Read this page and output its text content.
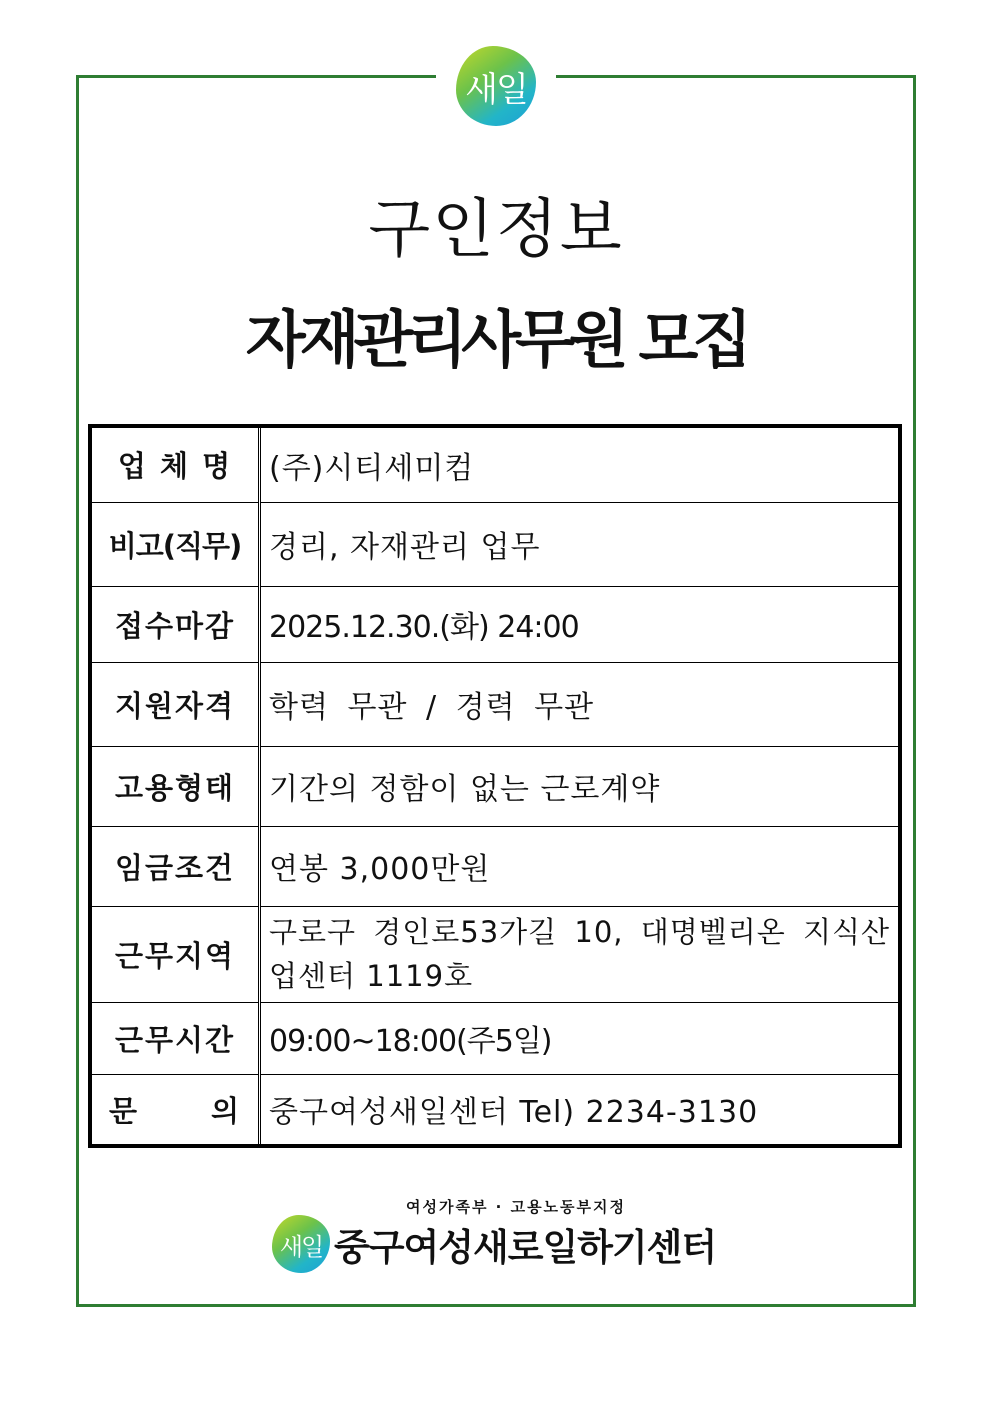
새일
구인정보
자재관리사무원 모집
업 체 명	(주)시티세미컴
비고(직무)	경리, 자재관리 업무
접수마감	2025.12.30.(화) 24:00
지원자격	학력 무관 / 경력 무관
고용형태	기간의 정함이 없는 근로계약
임금조건	연봉 3,000만원
근무지역	구로구 경인로53가길 10, 대명벨리온 지식산업센터 1119호
근무시간	09:00~18:00(주5일)
문 의	중구여성새일센터 Tel) 2234-3130
여성가족부 · 고용노동부지정
새일 중구여성새로일하기센터
